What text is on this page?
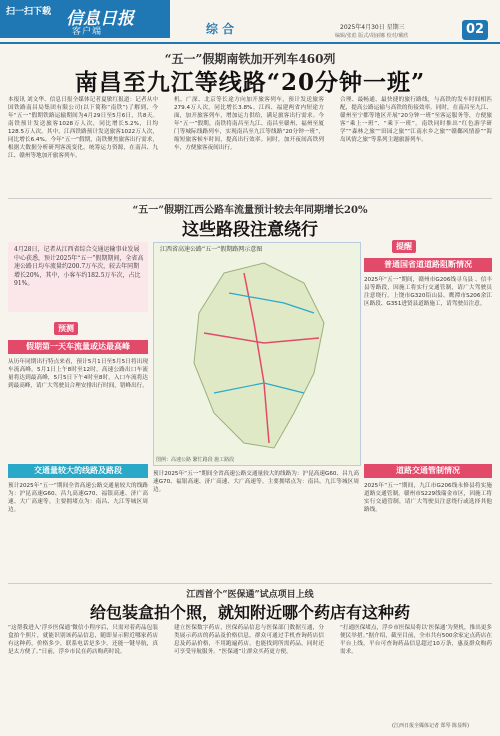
扫一扫下载 信息日报
客户端	综 合	2025年4月30日 星期三
编辑/张彪 版式/胡丽娜 校对/戴欣	02
“五一”假期南铁加开列车460列
南昌至九江等线路“20分钟一班”
本报讯 刘文华、信息日报全媒体记者夏敏红报道：记者从中国铁路南昌局集团有限公司(以下简称“南铁”)了解到，今年“五一”假期铁路运输期间为4月29日至5月6日，共8天。南铁预计发送旅客1028万人次，同比增长5.2%，日均128.5万人次。其中，江西铁路预计发送旅客1022万人次，同比增长6.4%。今年“五一”假期，南铁聚焦旅客出行需求，根据大数据分析研判客流变化，统筹运力资源，在南昌、九江、赣州等地加开旅客列车。
机、广深、北京等长途方向加开旅客列车，预计发送旅客279.4万人次，同比增长3.8%。江西、福建两省内短途方面，加开旅客列车，增加运力供给，满足旅客出行需求。今年“五一”假期，南铁将南昌至九江、南昌至赣州、福州至厦门等城际线路列车，实现南昌至九江等线路“20分钟一班”，缩短旅客候车时间，提高出行效率。同时，加开夜间高铁列车，方便旅客夜间出行。
合理、最畅通、最快捷的旅行路线，与高铁的发车时间相匹配，提高公路运输与高铁的衔接效率。同时，在南昌至九江、赣州至宁都等地区开展“20分钟一班”至客运服务等，方便旅客“乘上一班”、“乘下一班”。南铁同时推出“红色游学研学”“森林之旅”“田园之旅”“江南水乡之旅”“赣鄱风情游”“海岛风情之旅”等系列主题旅游列车。
“五一”假期江西公路车流量预计较去年同期增长20%
这些路段注意绕行
4月28日，记者从江西省综合交通运输事业发展中心获悉，预计2025年“五一”假期期间，全省高速公路日均车流量约200.7万车次，较去年同期增长20%，其中，小客车约182.5万车次，占比91%。
江西省高速公路“五一”假期路网示意图
图例：高速公路 繁忙路段 施工路段
预测
假期第一天车流量或达最高峰
从历年同期出行特点来看，预计5月1日至5月5日将出现车流高峰。5月1日上午8时至12时，高速公路出口车流量将达到最高峰，5月5日下午4时至8时，入口车流将达到最高峰，请广大驾驶员合理安排出行时间，错峰出行。
交通量较大的线路及路段
预计2025年“五一”期间全省高速公路交通量较大的线路为：沪昆高速G60、昌九高速G70、福银高速、济广高速、大广高速等。主要拥堵点为：南昌、九江等城区周边。
预计2025年“五一”期间全省高速公路交通量较大的线路为：沪昆高速G60、昌九高速G70、福银高速、济广高速、大广高速等。主要拥堵点为：南昌、九江等城区周边。
提醒
普通国省道道路阻断情况
2025年“五一”期间，赣州市G206线寻乌县 、信丰县等路段，因施工将实行交通管制，请广大驾驶员注意绕行。上饶市G320铅山县、鹰潭市S206余江区路段、G351进贤县道路施工，请驾驶员注意。
道路交通管制情况
2025年“五一”期间，九江市G206线永修县将实施道路交通管制，赣州市S229线瑞金市区，因施工将实行交通管制，请广大驾驶员注意绕行或选择其他路线。
江西首个“医保通”试点项目上线
给包装盒拍个照，就知附近哪个药店有这种药
“这帮我进入‘浮乡医保通’微信小程序后，只需对着药品包装盒拍个照片，就能识别该药品信息，随即显示附近哪家药店有这种药，价格多少，联系电话是多少，还能一键导航，真是太方便了。”日前，浮乡市民在药店购药时说。
建立医保数字药店，医保药品信息与医保部门数据互通，分类展示药店的药品及价格信息，群众可通过手机查询药店信息及药品价格，不用跑遍药店，也能找到所需药品，同时还可享受导航服务。“医保通”让群众买药更方便。
“打通医保堵点，浮乡市医保局将以‘医保通’为契机，推出更多便民举措。”据介绍，截至目前，全市共有500余家定点药店在平台上线，平台可查询药品信息超过10万条，惠及群众购药需求。
(江西日报全媒体记者 郑琴 陈显辉)
